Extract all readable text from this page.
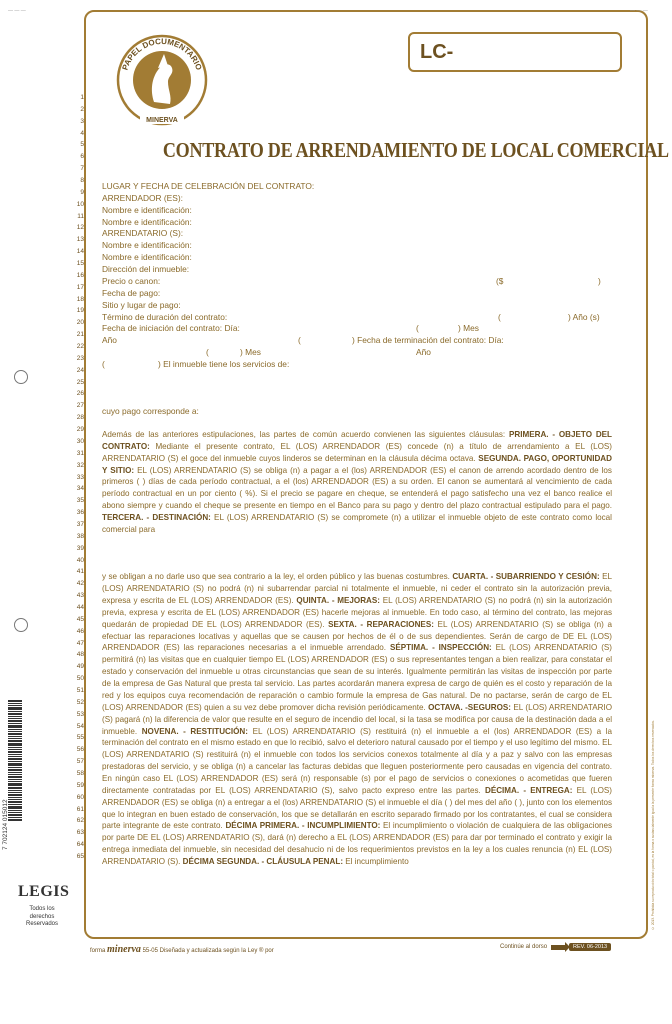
PAPEL DOCUMENTARIO
MINERVA
LC-
CONTRATO DE ARRENDAMIENTO DE LOCAL COMERCIAL
1
2
3
4
5
6
7
8
9
10
11
12
13
14
15
16
17
18
19
20
21
22
23
24
25
26
27
28
29
30
31
32
33
34
35
36
37
38
39
40
41
42
43
44
45
46
47
48
49
50
51
52
53
54
55
56
57
58
59
60
61
62
63
64
65
LUGAR Y FECHA DE CELEBRACIÓN DEL CONTRATO:
ARRENDADOR (ES):
Nombre e identificación:
Nombre e identificación:
ARRENDATARIO (S):
Nombre e identificación:
Nombre e identificación:
Dirección del inmueble:
Precio o canon:	($	)
Fecha de pago:
Sitio y lugar de pago:
Término de duración del contrato:	(	) Año (s)
Fecha de iniciación del contrato: Día:	(	) Mes
Año	(	) Fecha de terminación del contrato: Día:
(	) Mes	Año
(	) El inmueble tiene los servicios de:
cuyo pago corresponde a:

Además de las anteriores estipulaciones, las partes de común acuerdo convienen las siguientes cláusulas: PRIMERA. - OBJETO DEL CONTRATO: Mediante el presente contrato, EL (LOS) ARRENDADOR (ES) concede (n) a título de arrendamiento a EL (LOS) ARRENDATARIO (S) el goce del inmueble cuyos linderos se determinan en la cláusula décima octava. SEGUNDA. PAGO, OPORTUNIDAD Y SITIO: EL (LOS) ARRENDATARIO (S) se obliga (n) a pagar a el (los) ARRENDADOR (ES) el canon de arrendo acordado dentro de los primeros ( ) días de cada período contractual, a el (los) ARRENDADOR (ES) a su orden. El canon se aumentará al vencimiento de cada período contractual en un por ciento ( %). Si el precio se pagare en cheque, se entenderá el pago satisfecho una vez el banco realice el abono siempre y cuando el cheque se presente en tiempo en el Banco para su pago y dentro del plazo contractual estipulado para el pago. TERCERA. - DESTINACIÓN: EL (LOS) ARRENDATARIO (S) se compromete (n) a utilizar el inmueble objeto de este contrato como local comercial para

y se obligan a no darle uso que sea contrario a la ley, el orden público y las buenas costumbres. CUARTA. - SUBARRIENDO Y CESIÓN: EL (LOS) ARRENDATARIO (S) no podrá (n) ni subarrendar parcial ni totalmente el inmueble, ni ceder el contrato sin la autorización previa, expresa y escrita de EL (LOS) ARRENDADOR (ES). QUINTA. - MEJORAS: EL (LOS) ARRENDATARIO (S) no podrá (n) sin la autorización previa, expresa y escrita de EL (LOS) ARRENDADOR (ES) hacerle mejoras al inmueble. En todo caso, al término del contrato, las mejoras quedarán de propiedad DE EL (LOS) ARRENDADOR (ES). SEXTA. - REPARACIONES: EL (LOS) ARRENDATARIO (S) se obliga (n) a efectuar las reparaciones locativas y aquellas que se causen por hechos de él o de sus dependientes. Serán de cargo de DE EL (LOS) ARRENDADOR (ES) las reparaciones necesarias a el inmueble arrendado. SÉPTIMA. - INSPECCIÓN: EL (LOS) ARRENDATARIO (S) permitirá (n) las visitas que en cualquier tiempo EL (LOS) ARRENDADOR (ES) o sus representantes tengan a bien realizar, para constatar el estado y conservación del inmueble u otras circunstancias que sean de su interés. Igualmente permitirán las visitas de inspección por parte de la empresa de Gas Natural que presta tal servicio. Las partes acordarán manera expresa de cargo de quién es el costo y reparación de la red y los equipos cuya recomendación de reparación o cambio formule la empresa de Gas natural. De no pactarse, serán de cargo de EL (LOS) ARRENDADOR (ES) quien a su vez debe promover dicha revisión periódicamente. OCTAVA. -SEGUROS: EL (LOS) ARRENDATARIO (S) pagará (n) la diferencia de valor que resulte en el seguro de incendio del local, si la tasa se modifica por causa de la destinación dada a el inmueble. NOVENA. - RESTITUCIÓN: EL (LOS) ARRENDATARIO (S) restituirá (n) el inmueble a el (los) ARRENDADOR (ES) a la terminación del contrato en el mismo estado en que lo recibió, salvo el deterioro natural causado por el tiempo y el uso legítimo del mismo. EL (LOS) ARRENDATARIO (S) restituirá (n) el inmueble con todos los servicios conexos totalmente al día y a paz y salvo con las empresas prestadoras del servicio, y se obliga (n) a cancelar las facturas debidas que lleguen posteriormente pero causadas en vigencia del contrato. En ningún caso EL (LOS) ARRENDADOR (ES) será (n) responsable (s) por el pago de servicios o conexiones o acometidas que fueren directamente contratadas por EL (LOS) ARRENDATARIO (S), salvo pacto expreso entre las partes. DÉCIMA. - ENTREGA: EL (LOS) ARRENDADOR (ES) se obliga (n) a entregar a el (los) ARRENDATARIO (S) el inmueble el día ( ) del mes del año ( ), junto con los elementos que lo integran en buen estado de conservación, los que se detallarán en escrito separado firmado por los contratantes, el cual se considera parte integrante de este contrato. DÉCIMA PRIMERA. - INCUMPLIMIENTO: El incumplimiento o violación de cualquiera de las obligaciones por parte DE EL (LOS) ARRENDATARIO (S), dará (n) derecho a EL (LOS) ARRENDADOR (ES) para dar por terminado el contrato y exigir la entrega inmediata del inmueble, sin necesidad del desahucio ni de los requerimientos previstos en la ley a los cuales renuncia (n) EL (LOS) ARRENDATARIO (S). DÉCIMA SEGUNDA. - CLÁUSULA PENAL: El incumplimiento

7 702124 015012
LEGIS
Todos los derechos Reservados	© 2013. Prohibida su reproducción total o parcial, en la forma o sustancialmente igual a la presente forma minerva. Todos los derechos reservados.
forma minerva 55-05 Diseñada y actualizada según la Ley ® por
Continúe al dorso	REV. 06-2013
— — —	— — —
